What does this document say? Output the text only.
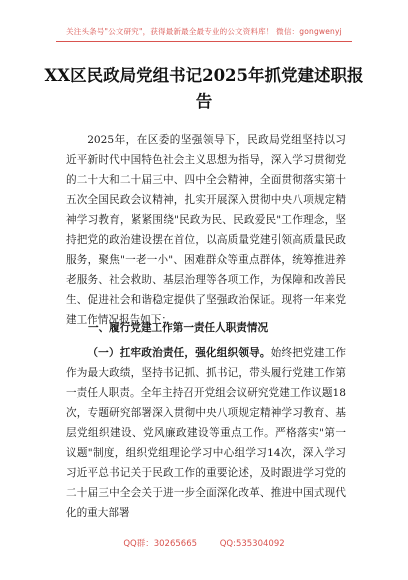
关注头条号"公文研究"，获得最新最全最专业的公文资料库！ 微信：gongwenyj
XX区民政局党组书记2025年抓党建述职报告
2025年，在区委的坚强领导下，民政局党组坚持以习近平新时代中国特色社会主义思想为指导，深入学习贯彻党的二十大和二十届三中、四中全会精神，全面贯彻落实第十五次全国民政会议精神，扎实开展深入贯彻中央八项规定精神学习教育，紧紧围绕"民政为民、民政爱民"工作理念，坚持把党的政治建设摆在首位，以高质量党建引领高质量民政服务，聚焦"一老一小"、困难群众等重点群体，统筹推进养老服务、社会救助、基层治理等各项工作，为保障和改善民生、促进社会和谐稳定提供了坚强政治保证。现将一年来党建工作情况报告如下：
一、履行党建工作第一责任人职责情况
（一）扛牢政治责任，强化组织领导。始终把党建工作作为最大政绩，坚持书记抓、抓书记，带头履行党建工作第一责任人职责。全年主持召开党组会议研究党建工作议题18次，专题研究部署深入贯彻中央八项规定精神学习教育、基层党组织建设、党风廉政建设等重点工作。严格落实"第一议题"制度，组织党组理论学习中心组学习14次，深入学习习近平总书记关于民政工作的重要论述，及时跟进学习党的二十届三中全会关于进一步全面深化改革、推进中国式现代化的重大部署
QQ群：30265665	QQ:535304092
